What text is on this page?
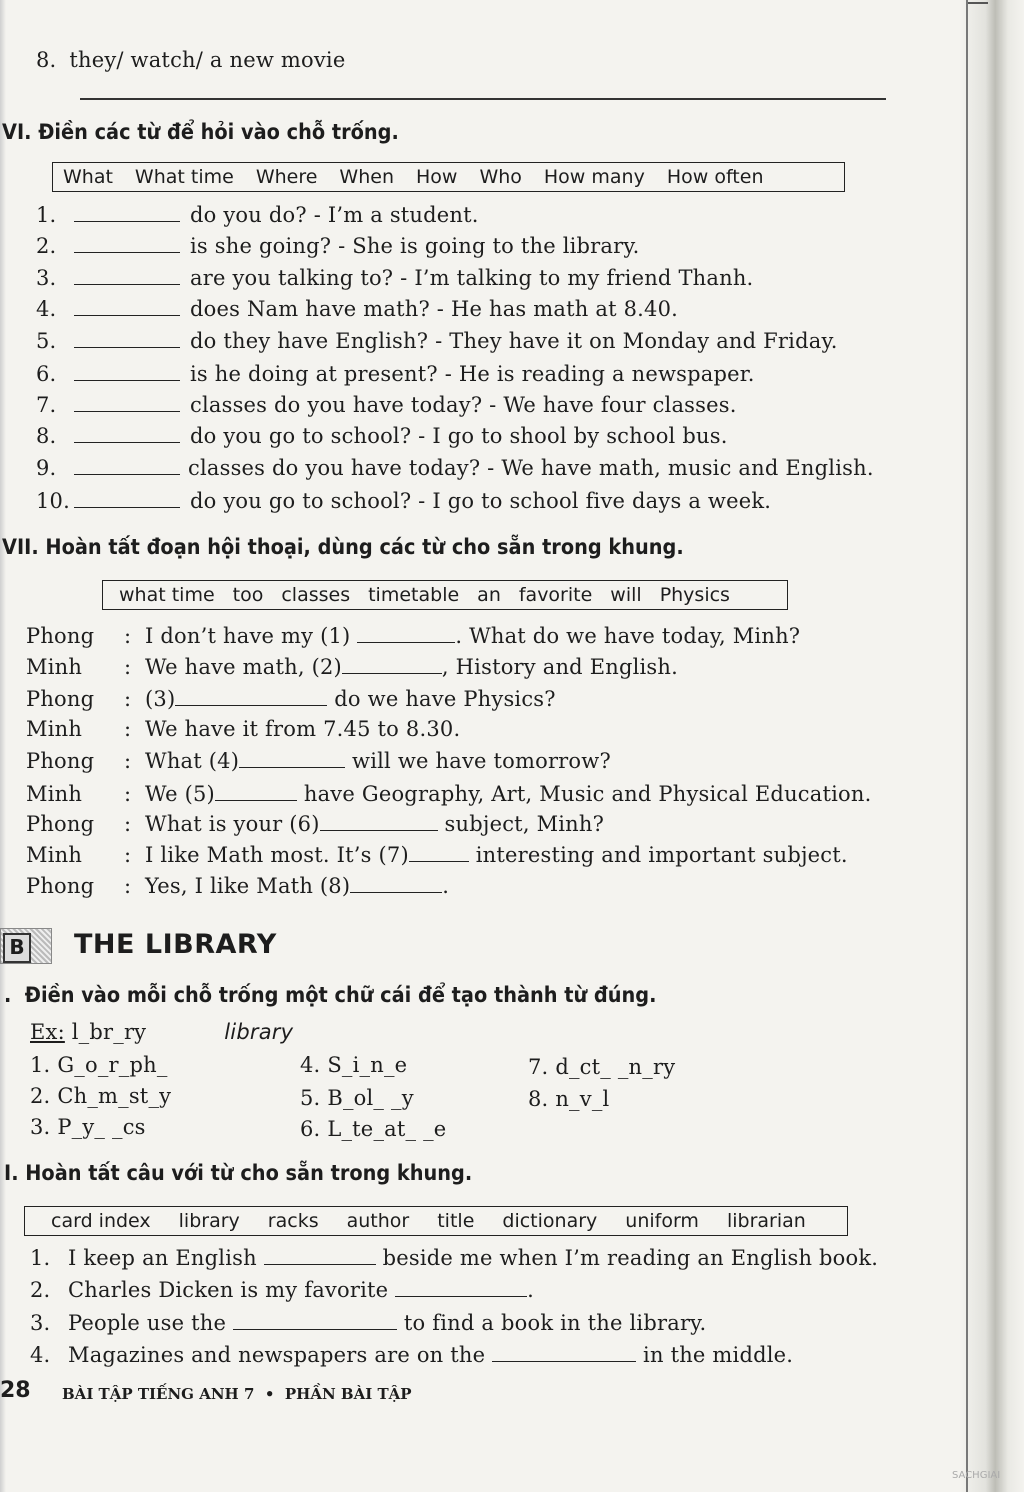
8. they/ watch/ a new movie
VI. Điền các từ để hỏi vào chỗ trống.
What What time Where When How Who How many How often
1.	do you do? - I’m a student.
2.	is she going? - She is going to the library.
3.	are you talking to? - I’m talking to my friend Thanh.
4.	does Nam have math? - He has math at 8.40.
5.	do they have English? - They have it on Monday and Friday.
6.	is he doing at present? - He is reading a newspaper.
7.	classes do you have today? - We have four classes.
8.	do you go to school? - I go to shool by school bus.
9.	classes do you have today? - We have math, music and English.
10.	do you go to school? - I go to school five days a week.
VII. Hoàn tất đoạn hội thoại, dùng các từ cho sẵn trong khung.
what time too classes timetable an favorite will Physics
Phong :  I don’t have my (1)	. What do we have today, Minh?
Minh :  We have math, (2)	, History and English.
Phong :  (3)	do we have Physics?
Minh :  We have it from 7.45 to 8.30.
Phong :  What (4)	will we have tomorrow?
Minh :  We (5)	have Geography, Art, Music and Physical Education.
Phong :  What is your (6)	subject, Minh?
Minh :  I like Math most. It’s (7)	interesting and important subject.
Phong :  Yes, I like Math (8)	.
B THE LIBRARY
.  Điền vào mỗi chỗ trống một chữ cái để tạo thành từ đúng.
Ex: l_br_ry	library
1. G_o_r_ph_
2. Ch_m_st_y
3. P_y_ _cs
4. S_i_n_e
5. B_ol_ _y
6. L_te_at_ _e
7. d_ct_ _n_ry
8. n_v_l
I. Hoàn tất câu với từ cho sẵn trong khung.
card index library racks author title dictionary uniform librarian
1. I keep an English	beside me when I’m reading an English book.
2. Charles Dicken is my favorite	.
3. People use the	to find a book in the library.
4. Magazines and newspapers are on the	in the middle.
28 BÀI TẬP TIẾNG ANH 7  •  PHẦN BÀI TẬP
SACHGIAI
